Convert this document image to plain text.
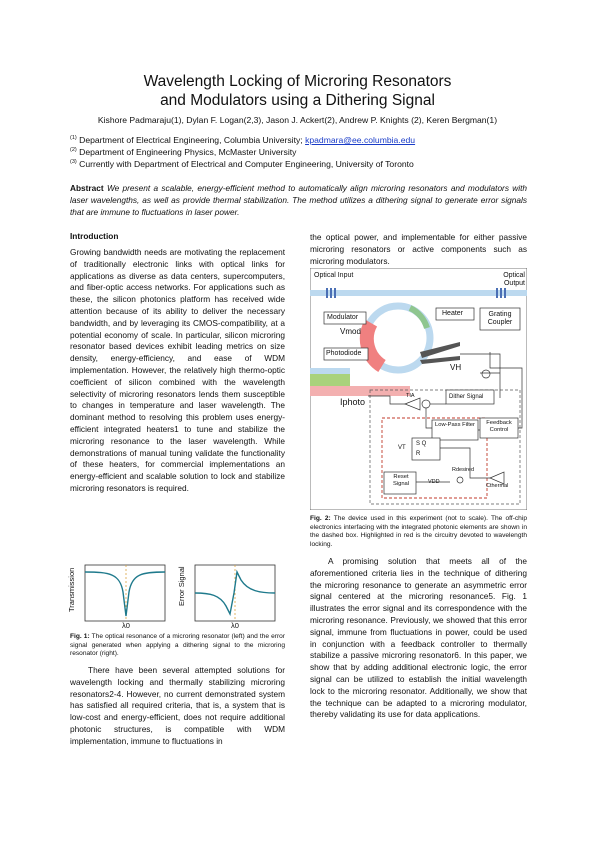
Wavelength Locking of Microring Resonators
and Modulators using a Dithering Signal
Kishore Padmaraju(1), Dylan F. Logan(2,3), Jason J. Ackert(2), Andrew P. Knights (2), Keren Bergman(1)
$^{(1)}$ Department of Electrical Engineering, Columbia University; kpadmara@ee.columbia.edu
$^{(2)}$ Department of Engineering Physics, McMaster University
$^{(3)}$ Currently with Department of Electrical and Computer Engineering, University of Toronto
Abstract We present a scalable, energy-efficient method to automatically align microring resonators and modulators with laser wavelengths, as well as provide thermal stabilization. The method utilizes a dithering signal to generate error signals that are immune to fluctuations in laser power.
Introduction
Growing bandwidth needs are motivating the replacement of traditionally electronic links with optical links for applications as diverse as data centers, supercomputers, and fiber-optic access networks. For applications such as these, the silicon photonics platform has received wide attention because of its ability to deliver the necessary bandwidth, and by leveraging its CMOS-compatibility, at a potential economy of scale. In particular, silicon microring resonator based devices exhibit leading metrics on size density, energy-efficiency, and ease of WDM implementation. However, the relatively high thermo-optic coefficient of silicon combined with the wavelength selectivity of microring resonators lends them susceptible to changes in temperature and laser wavelength. The dominant method to resolving this problem uses energy-efficient integrated heaters1 to tune and stabilize the microring resonance to the laser wavelength. While demonstrations of manual tuning validate the functionality of these heaters, for commercial implementations an energy-efficient and scalable solution to lock and stabilize microring resonators is required.
Transmission	Error Signal
λ0	λ0
Fig. 1: The optical resonance of a microring resonator (left) and the error signal generated when applying a dithering signal to the microring resonator (right).
There have been several attempted solutions for wavelength locking and thermally stabilizing microring resonators2-4. However, no current demonstrated system has satisfied all required criteria, that is, a system that is low-cost and energy-efficient, does not require additional photonic structures, is compatible with WDM implementation, immune to fluctuations in
the optical power, and implementable for either passive microring resonators or active components such as microring modulators.
Optical Input	Optical Output
Modulator
Heater	Grating Coupler
Vmod
Photodiode
VH
Iphoto
TIA	Dither Signal
Low-Pass Filter	Feedback Control
VT
S Q
R
VDD
Rdesired
Reset Signal	Cthermal
Fig. 2: The device used in this experiment (not to scale). The off-chip electronics interfacing with the integrated photonic elements are shown in the dashed box. Highlighted in red is the circuitry devoted to wavelength locking.
A promising solution that meets all of the aforementioned criteria lies in the technique of dithering the microring resonance to generate an asymmetric error signal centered at the microring resonance5. Fig. 1 illustrates the error signal and its correspondence with the microring resonance. Previously, we showed that this error signal, immune from fluctuations in power, could be used in conjunction with a feedback controller to thermally stabilize a passive microring resonator6. In this paper, we show that by adding additional electronic logic, the error signal can be utilized to establish the initial wavelength lock to the microring resonator. Additionally, we show that the technique can be adapted to a microring modulator, thereby validating its use for data applications.
